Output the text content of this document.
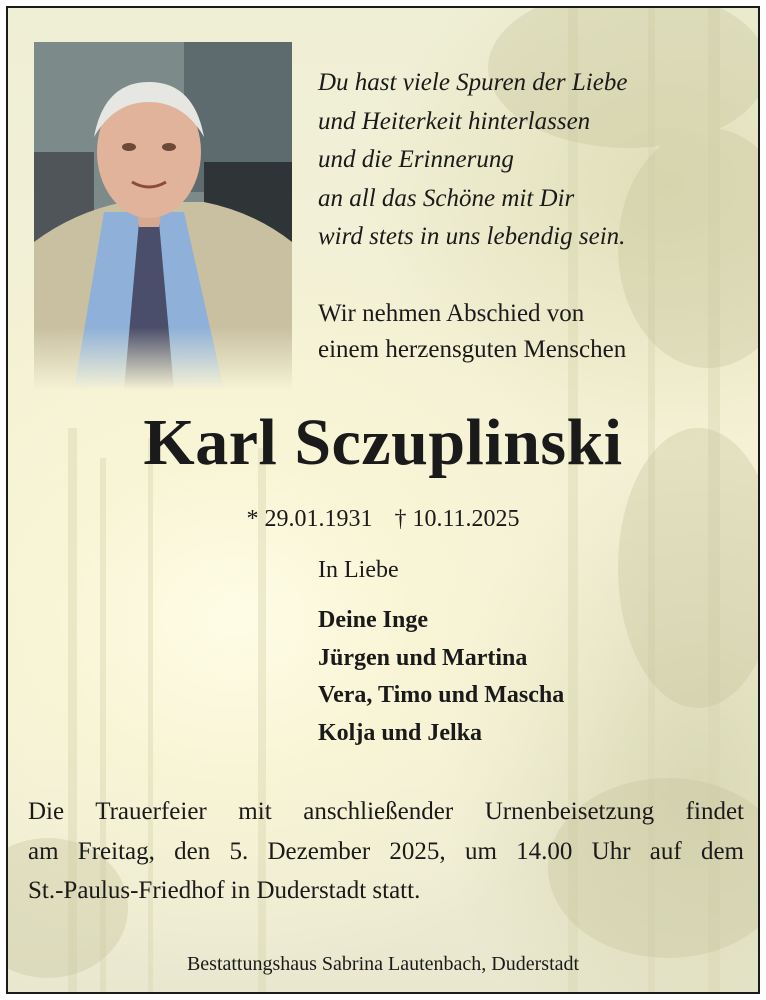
Du hast viele Spuren der Liebe
und Heiterkeit hinterlassen
und die Erinnerung
an all das Schöne mit Dir
wird stets in uns lebendig sein.
Wir nehmen Abschied von
einem herzensguten Menschen
Karl Sczuplinski
* 29.01.1931 † 10.11.2025
In Liebe
Deine Inge
Jürgen und Martina
Vera, Timo und Mascha
Kolja und Jelka
Die Trauerfeier mit anschließender Urnenbeisetzung findet
am Freitag, den 5. Dezember 2025, um 14.00 Uhr auf dem
St.-Paulus-Friedhof in Duderstadt statt.
Bestattungshaus Sabrina Lautenbach, Duderstadt
